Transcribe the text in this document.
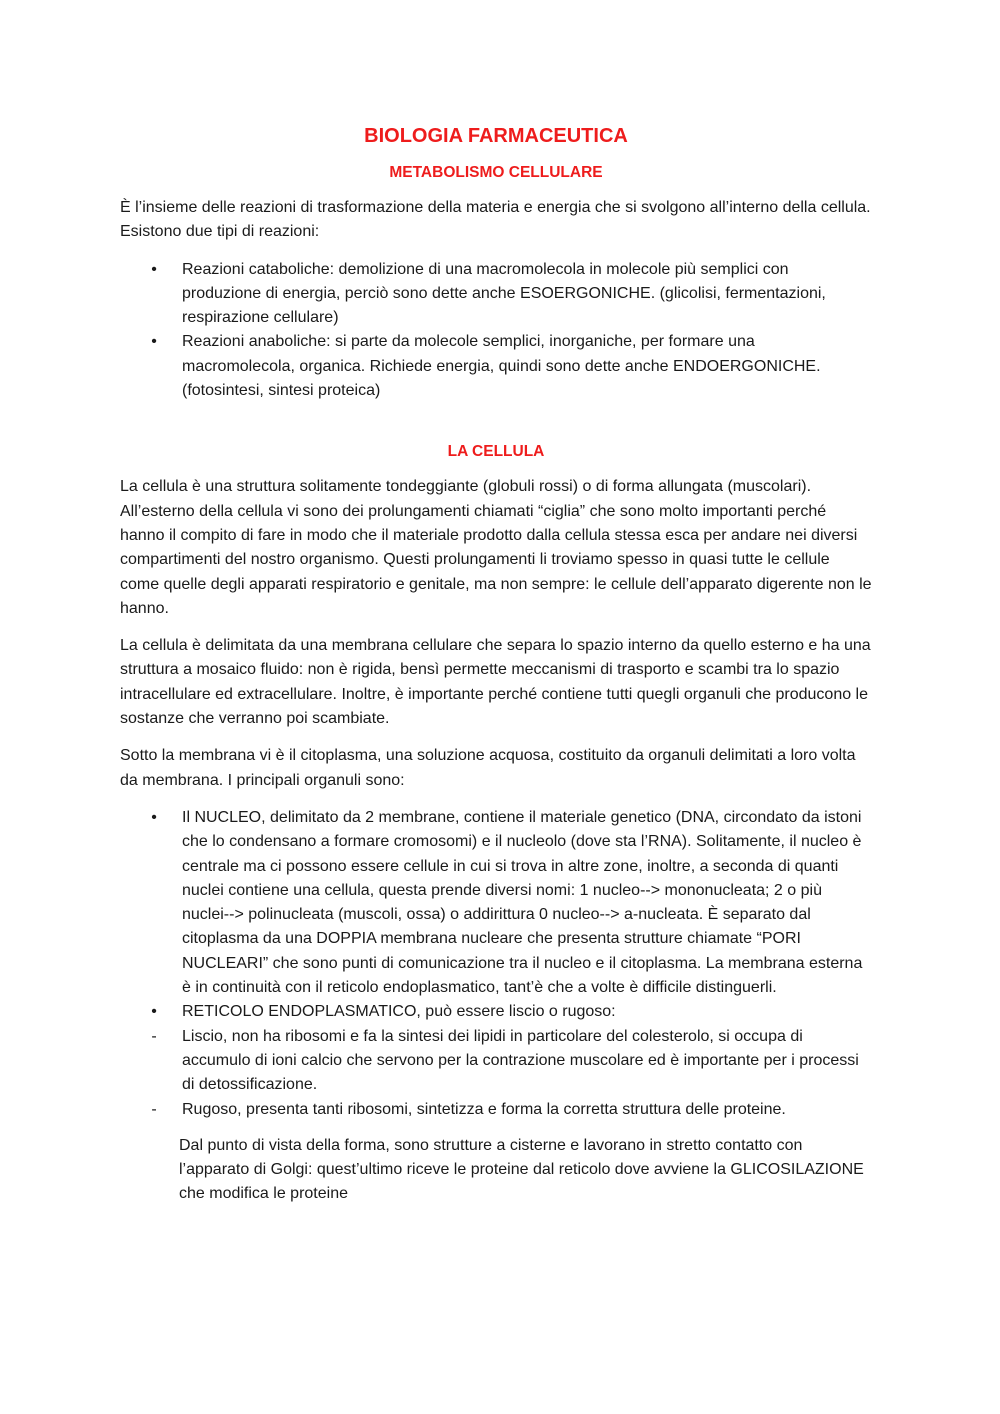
BIOLOGIA FARMACEUTICA
METABOLISMO CELLULARE

È l’insieme delle reazioni di trasformazione della materia e energia che si svolgono all’interno della cellula. Esistono due tipi di reazioni:

• Reazioni cataboliche: demolizione di una macromolecola in molecole più semplici con produzione di energia, perciò sono dette anche ESOERGONICHE. (glicolisi, fermentazioni, respirazione cellulare)
• Reazioni anaboliche: si parte da molecole semplici, inorganiche, per formare una macromolecola, organica. Richiede energia, quindi sono dette anche ENDOERGONICHE. (fotosintesi, sintesi proteica)
LA CELLULA

La cellula è una struttura solitamente tondeggiante (globuli rossi) o di forma allungata (muscolari). All’esterno della cellula vi sono dei prolungamenti chiamati “ciglia” che sono molto importanti perché hanno il compito di fare in modo che il materiale prodotto dalla cellula stessa esca per andare nei diversi compartimenti del nostro organismo. Questi prolungamenti li troviamo spesso in quasi tutte le cellule come quelle degli apparati respiratorio e genitale, ma non sempre: le cellule dell’apparato digerente non le hanno.

La cellula è delimitata da una membrana cellulare che separa lo spazio interno da quello esterno e ha una struttura a mosaico fluido: non è rigida, bensì permette meccanismi di trasporto e scambi tra lo spazio intracellulare ed extracellulare. Inoltre, è importante perché contiene tutti quegli organuli che producono le sostanze che verranno poi scambiate.

Sotto la membrana vi è il citoplasma, una soluzione acquosa, costituito da organuli delimitati a loro volta da membrana. I principali organuli sono:

• Il NUCLEO, delimitato da 2 membrane, contiene il materiale genetico (DNA, circondato da istoni che lo condensano a formare cromosomi) e il nucleolo (dove sta l’RNA). Solitamente, il nucleo è centrale ma ci possono essere cellule in cui si trova in altre zone, inoltre, a seconda di quanti nuclei contiene una cellula, questa prende diversi nomi: 1 nucleo--> mononucleata; 2 o più nuclei--> polinucleata (muscoli, ossa) o addirittura 0 nucleo--> a-nucleata. È separato dal citoplasma da una DOPPIA membrana nucleare che presenta strutture chiamate “PORI NUCLEARI” che sono punti di comunicazione tra il nucleo e il citoplasma. La membrana esterna è in continuità con il reticolo endoplasmatico, tant’è che a volte è difficile distinguerli.
• RETICOLO ENDOPLASMATICO, può essere liscio o rugoso:
- Liscio, non ha ribosomi e fa la sintesi dei lipidi in particolare del colesterolo, si occupa di accumulo di ioni calcio che servono per la contrazione muscolare ed è importante per i processi di detossificazione.
- Rugoso, presenta tanti ribosomi, sintetizza e forma la corretta struttura delle proteine.

Dal punto di vista della forma, sono strutture a cisterne e lavorano in stretto contatto con l’apparato di Golgi: quest’ultimo riceve le proteine dal reticolo dove avviene la GLICOSILAZIONE che modifica le proteine
